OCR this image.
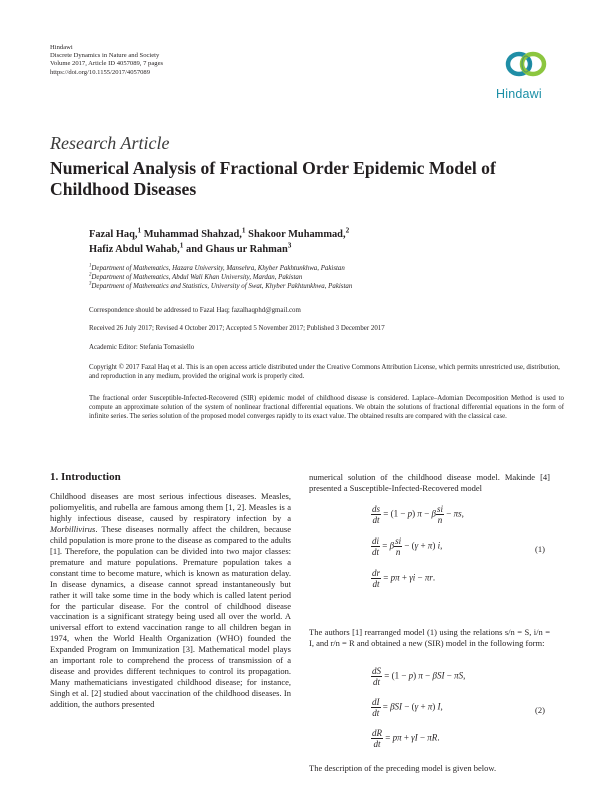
Hindawi
Discrete Dynamics in Nature and Society
Volume 2017, Article ID 4057089, 7 pages
https://doi.org/10.1155/2017/4057089
Hindawi
Research Article
Numerical Analysis of Fractional Order Epidemic Model of Childhood Diseases
Fazal Haq,$^1$ Muhammad Shahzad,$^1$ Shakoor Muhammad,$^2$
Hafiz Abdul Wahab,$^1$ and Ghaus ur Rahman$^3$
$^1$Department of Mathematics, Hazara University, Mansehra, Khyber Pakhtunkhwa, Pakistan
$^2$Department of Mathematics, Abdul Wali Khan University, Mardan, Pakistan
$^3$Department of Mathematics and Statistics, University of Swat, Khyber Pakhtunkhwa, Pakistan
Correspondence should be addressed to Fazal Haq; fazalhaqphd@gmail.com
Received 26 July 2017; Revised 4 October 2017; Accepted 5 November 2017; Published 3 December 2017
Academic Editor: Stefania Tomasiello
Copyright © 2017 Fazal Haq et al. This is an open access article distributed under the Creative Commons Attribution License, which permits unrestricted use, distribution, and reproduction in any medium, provided the original work is properly cited.
The fractional order Susceptible-Infected-Recovered (SIR) epidemic model of childhood disease is considered. Laplace–Adomian Decomposition Method is used to compute an approximate solution of the system of nonlinear fractional differential equations. We obtain the solutions of fractional differential equations in the form of infinite series. The series solution of the proposed model converges rapidly to its exact value. The obtained results are compared with the classical case.
1. Introduction

Childhood diseases are most serious infectious diseases. Measles, poliomyelitis, and rubella are famous among them [1, 2]. Measles is a highly infectious disease, caused by respiratory infection by a Morbillivirus. These diseases normally affect the children, because child population is more prone to the disease as compared to the adults [1]. Therefore, the population can be divided into two major classes: premature and mature populations. Premature population takes a constant time to become mature, which is known as maturation delay. In disease dynamics, a disease cannot spread instantaneously but rather it will take some time in the body which is called latent period for the particular disease. For the control of childhood disease vaccination is a significant strategy being used all over the world. A universal effort to extend vaccination range to all children began in 1974, when the World Health Organization (WHO) founded the Expanded Program on Immunization [3]. Mathematical model plays an important role to comprehend the process of transmission of a disease and provides different techniques to control its propagation. Many mathematicians investigated childhood disease; for instance, Singh et al. [2] studied about vaccination of the childhood diseases. In addition, the authors presented

numerical solution of the childhood disease model. Makinde [4] presented a Susceptible-Infected-Recovered model
$\frac{ds}{dt} = (1 - p) \pi - \beta \frac{si}{n} - \pi s$,
$\frac{di}{dt} = \beta \frac{si}{n} - (\gamma + \pi)$ i,
$\frac{dr}{dt} = p\pi + \gamma i - \pi r$.
(1)
The authors [1] rearranged model (1) using the relations s/n = S, i/n = I, and r/n = R and obtained a new (SIR) model in the following form:
$\frac{dS}{dt} = (1 - p) \pi - \beta SI - \pi S$,
$\frac{dI}{dt} = \beta SI - (\gamma + \pi)$ I,
$\frac{dR}{dt} = p\pi + \gamma I - \pi R$.
(2)
The description of the preceding model is given below.
